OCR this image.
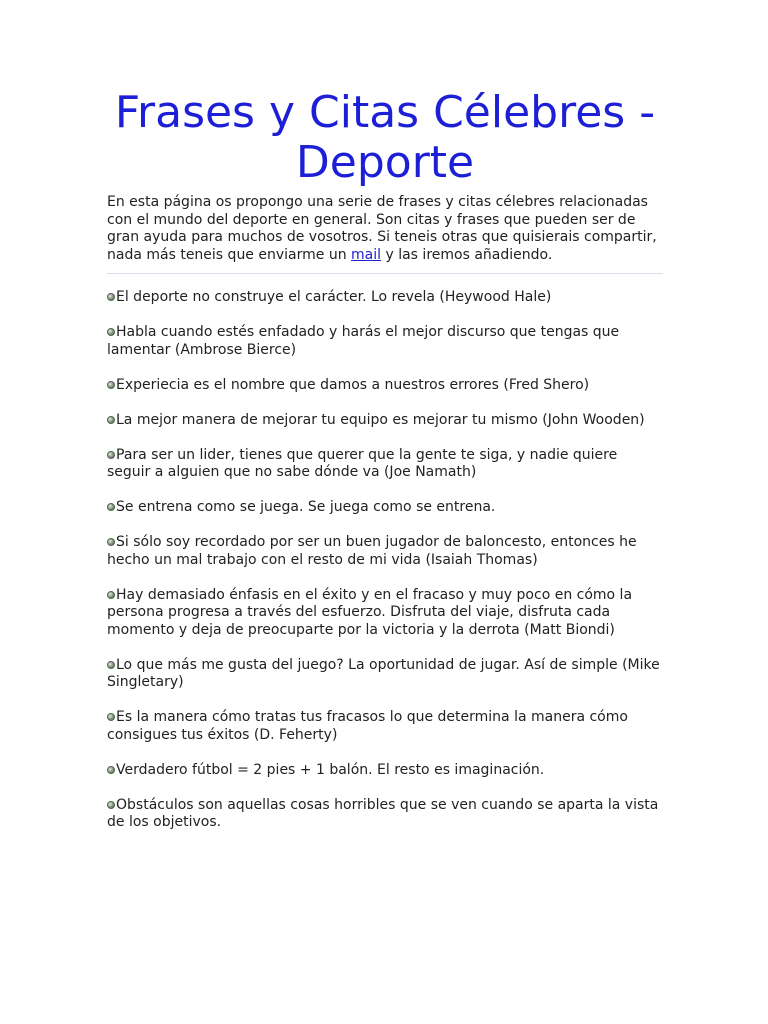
Frases y Citas Célebres -Deporte

En esta página os propongo una serie de frases y citas célebres relacionadas con el mundo del deporte en general. Son citas y frases que pueden ser de gran ayuda para muchos de vosotros. Si teneis otras que quisierais compartir, nada más teneis que enviarme un mail y las iremos añadiendo.

El deporte no construye el carácter. Lo revela (Heywood Hale)
Habla cuando estés enfadado y harás el mejor discurso que tengas que lamentar (Ambrose Bierce)
Experiecia es el nombre que damos a nuestros errores (Fred Shero)
La mejor manera de mejorar tu equipo es mejorar tu mismo (John Wooden)
Para ser un lider, tienes que querer que la gente te siga, y nadie quiere seguir a alguien que no sabe dónde va (Joe Namath)
Se entrena como se juega. Se juega como se entrena.
Si sólo soy recordado por ser un buen jugador de baloncesto, entonces he hecho un mal trabajo con el resto de mi vida (Isaiah Thomas)
Hay demasiado énfasis en el éxito y en el fracaso y muy poco en cómo la persona progresa a través del esfuerzo. Disfruta del viaje, disfruta cada momento y deja de preocuparte por la victoria y la derrota (Matt Biondi)
Lo que más me gusta del juego? La oportunidad de jugar. Así de simple (Mike Singletary)
Es la manera cómo tratas tus fracasos lo que determina la manera cómo consigues tus éxitos (D. Feherty)
Verdadero fútbol = 2 pies + 1 balón. El resto es imaginación.
Obstáculos son aquellas cosas horribles que se ven cuando se aparta la vista de los objetivos.
